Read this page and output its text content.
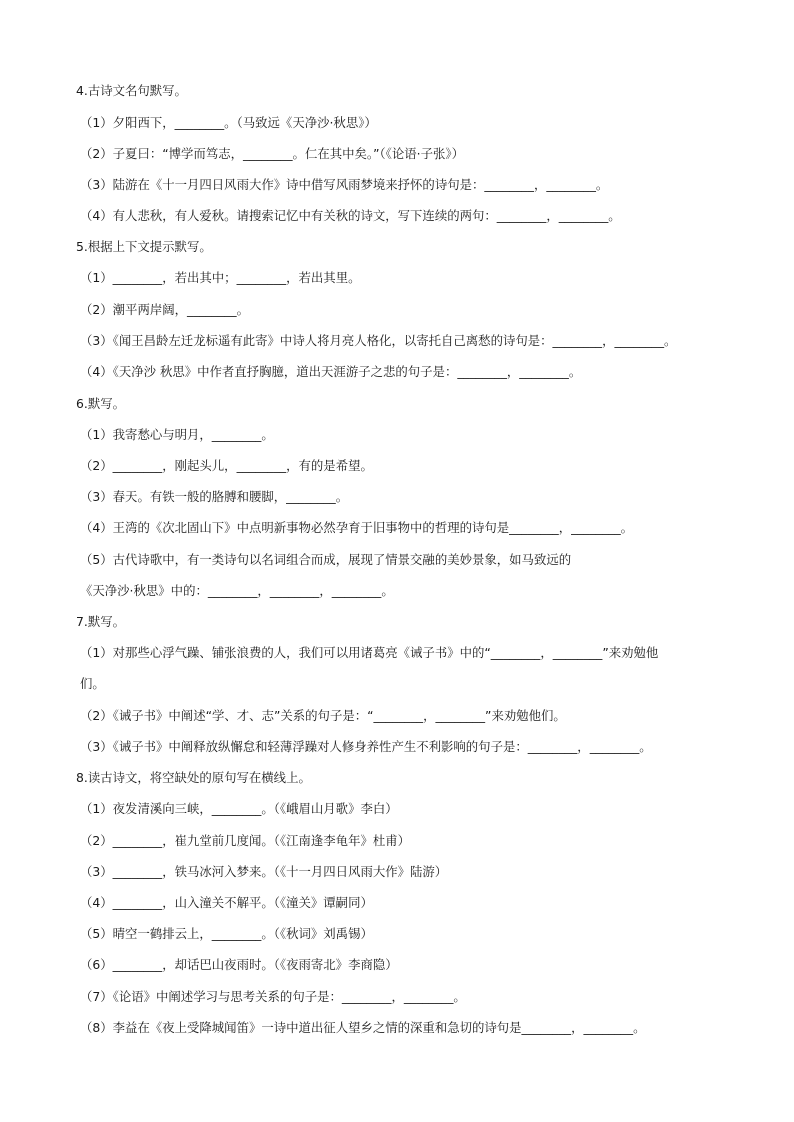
4.古诗文名句默写。
（1）夕阳西下，________。（马致远《天净沙·秋思》）
（2）子夏曰：“博学而笃志，________。仁在其中矣。”（《论语·子张》）
（3）陆游在《十一月四日风雨大作》诗中借写风雨梦境来抒怀的诗句是：________，________。
（4）有人悲秋，有人爱秋。请搜索记忆中有关秋的诗文，写下连续的两句：________，________。
5.根据上下文提示默写。
（1）________，若出其中；________，若出其里。
（2）潮平两岸阔，________。
（3）《闻王昌龄左迁龙标遥有此寄》中诗人将月亮人格化，以寄托自己离愁的诗句是：________，________。
（4）《天净沙 秋思》中作者直抒胸臆，道出天涯游子之悲的句子是：________，________。
6.默写。
（1）我寄愁心与明月，________。
（2）________，刚起头儿，________，有的是希望。
（3）春天。有铁一般的胳膊和腰脚，________。
（4）王湾的《次北固山下》中点明新事物必然孕育于旧事物中的哲理的诗句是________，________。
（5）古代诗歌中，有一类诗句以名词组合而成，展现了情景交融的美妙景象，如马致远的
《天净沙·秋思》中的：________，________，________。
7.默写。
（1）对那些心浮气躁、铺张浪费的人，我们可以用诸葛亮《诫子书》中的“________，________”来劝勉他
们。
（2）《诫子书》中阐述“学、才、志”关系的句子是：“________，________”来劝勉他们。
（3）《诫子书》中阐释放纵懈怠和轻薄浮躁对人修身养性产生不利影响的句子是：________，________。
8.读古诗文，将空缺处的原句写在横线上。
（1）夜发清溪向三峡，________。（《峨眉山月歌》李白）
（2）________，崔九堂前几度闻。（《江南逢李龟年》杜甫）
（3）________，铁马冰河入梦来。（《十一月四日风雨大作》陆游）
（4）________，山入潼关不解平。（《潼关》谭嗣同）
（5）晴空一鹤排云上，________。（《秋词》刘禹锡）
（6）________，却话巴山夜雨时。（《夜雨寄北》李商隐）
（7）《论语》中阐述学习与思考关系的句子是：________，________。
（8）李益在《夜上受降城闻笛》一诗中道出征人望乡之情的深重和急切的诗句是________，________。
